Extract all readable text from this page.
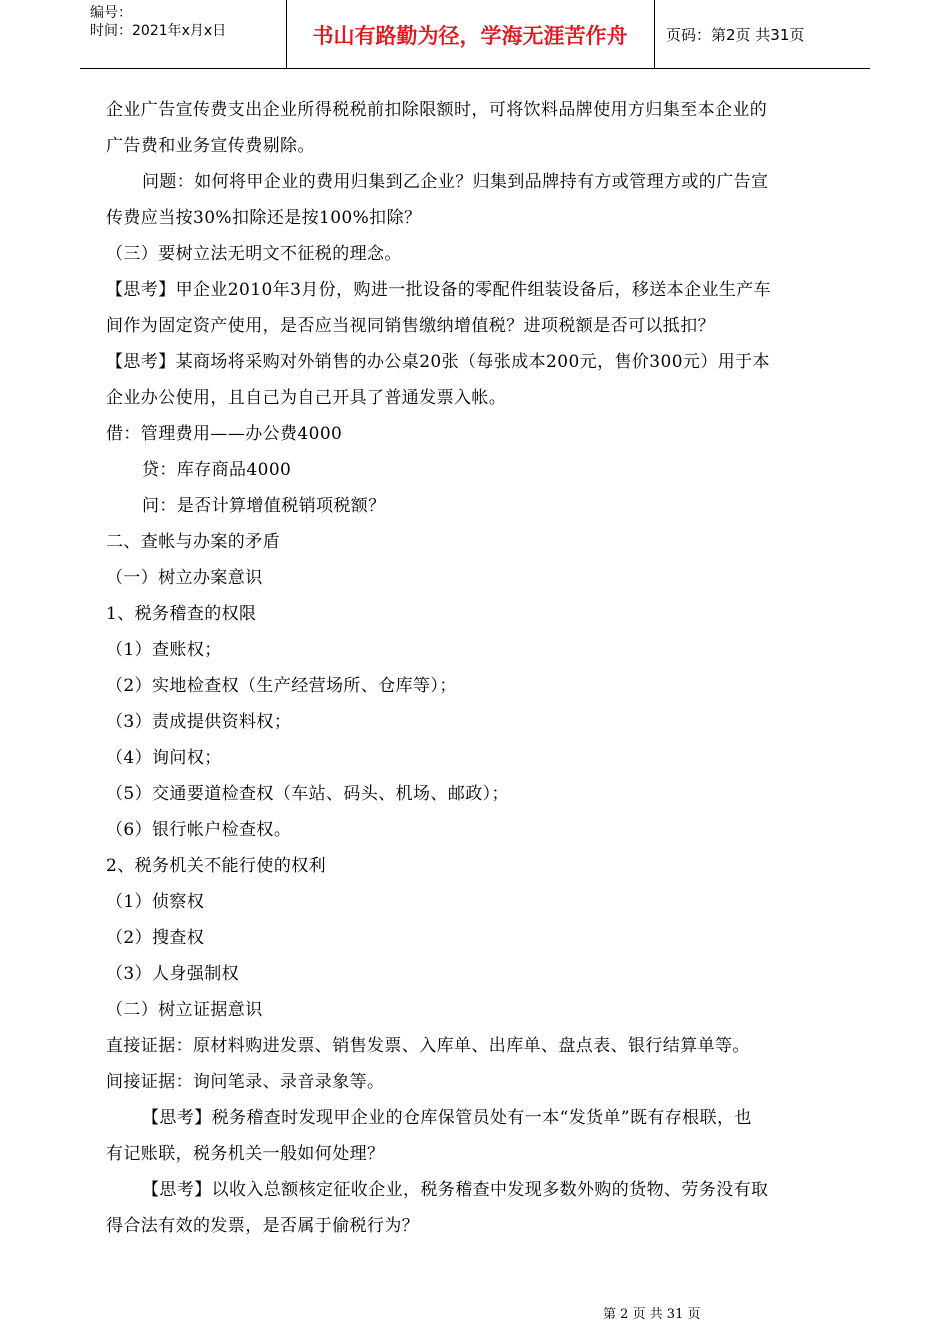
编号：
时间：2021年x月x日	书山有路勤为径，学海无涯苦作舟	页码：第2页 共31页

企业广告宣传费支出企业所得税税前扣除限额时，可将饮料品牌使用方归集至本企业的

广告费和业务宣传费剔除。

问题：如何将甲企业的费用归集到乙企业？归集到品牌持有方或管理方或的广告宣

传费应当按30%扣除还是按100%扣除？

（三）要树立法无明文不征税的理念。

【思考】甲企业2010年3月份，购进一批设备的零配件组装设备后，移送本企业生产车

间作为固定资产使用，是否应当视同销售缴纳增值税？进项税额是否可以抵扣？

【思考】某商场将采购对外销售的办公桌20张（每张成本200元，售价300元）用于本

企业办公使用，且自己为自己开具了普通发票入帐。

借：管理费用——办公费4000

贷：库存商品4000

问：是否计算增值税销项税额？

二、查帐与办案的矛盾

（一）树立办案意识

1、税务稽查的权限

（1）查账权；

（2）实地检查权（生产经营场所、仓库等）；

（3）责成提供资料权；

（4）询问权；

（5）交通要道检查权（车站、码头、机场、邮政）；

（6）银行帐户检查权。

2、税务机关不能行使的权利

（1）侦察权

（2）搜查权

（3）人身强制权

（二）树立证据意识

直接证据：原材料购进发票、销售发票、入库单、出库单、盘点表、银行结算单等。

间接证据：询问笔录、录音录象等。

【思考】税务稽查时发现甲企业的仓库保管员处有一本“发货单”既有存根联，也

有记账联，税务机关一般如何处理？

【思考】以收入总额核定征收企业，税务稽查中发现多数外购的货物、劳务没有取

得合法有效的发票，是否属于偷税行为？

第 2 页 共 31 页
